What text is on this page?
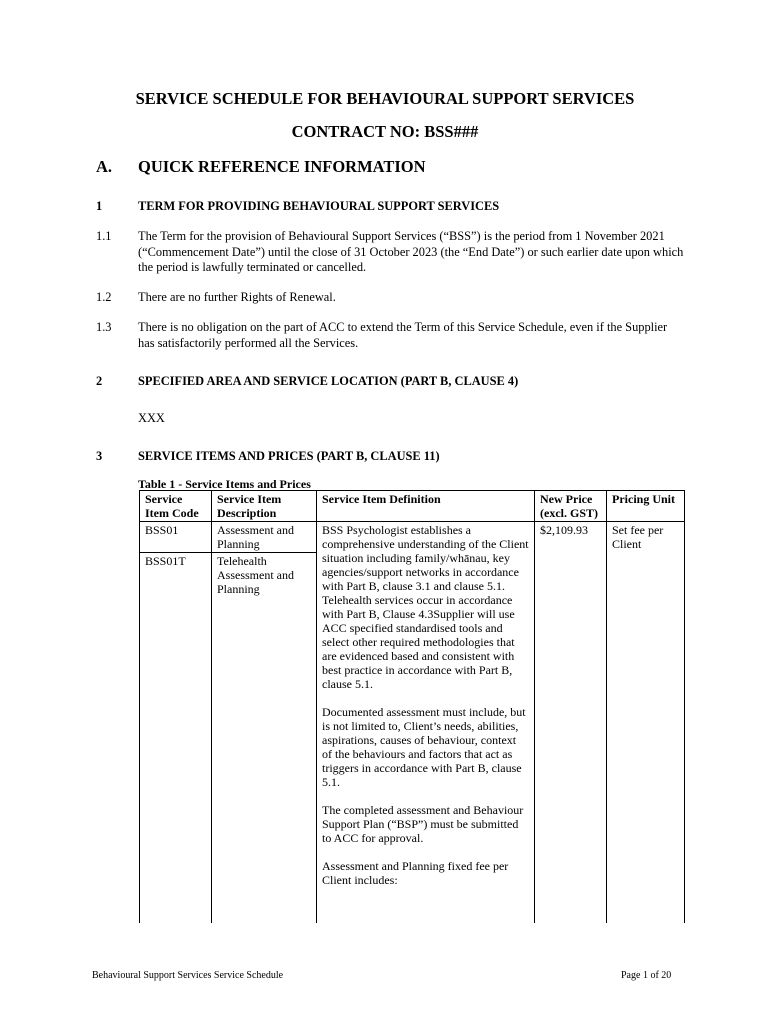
SERVICE SCHEDULE FOR BEHAVIOURAL SUPPORT SERVICES
CONTRACT NO: BSS###
A. QUICK REFERENCE INFORMATION
1	TERM FOR PROVIDING BEHAVIOURAL SUPPORT SERVICES
1.1 The Term for the provision of Behavioural Support Services (“BSS”) is the period from 1 November 2021 (“Commencement Date”) until the close of 31 October 2023 (the “End Date”) or such earlier date upon which the period is lawfully terminated or cancelled.
1.2 There are no further Rights of Renewal.
1.3 There is no obligation on the part of ACC to extend the Term of this Service Schedule, even if the Supplier has satisfactorily performed all the Services.
2	SPECIFIED AREA AND SERVICE LOCATION (PART B, CLAUSE 4)
XXX
3	SERVICE ITEMS AND PRICES (PART B, CLAUSE 11)
Table 1 - Service Items and Prices
Service Item Code	Service Item Description	Service Item Definition	New Price (excl. GST)	Pricing Unit
BSS01	Assessment and Planning	BSS Psychologist establishes a comprehensive understanding of the Client situation including family/whānau, key agencies/support networks in accordance with Part B, clause 3.1 and clause 5.1. Telehealth services occur in accordance with Part B, Clause 4.3Supplier will use ACC specified standardised tools and select other required methodologies that are evidenced based and consistent with best practice in accordance with Part B, clause 5.1.

Documented assessment must include, but is not limited to, Client’s needs, abilities, aspirations, causes of behaviour, context of the behaviours and factors that act as triggers in accordance with Part B, clause 5.1.

The completed assessment and Behaviour Support Plan (“BSP”) must be submitted to ACC for approval.

Assessment and Planning fixed fee per Client includes:	$2,109.93	Set fee per Client
BSS01T	Telehealth Assessment and Planning			
Behavioural Support Services Service Schedule	Page 1 of 20
